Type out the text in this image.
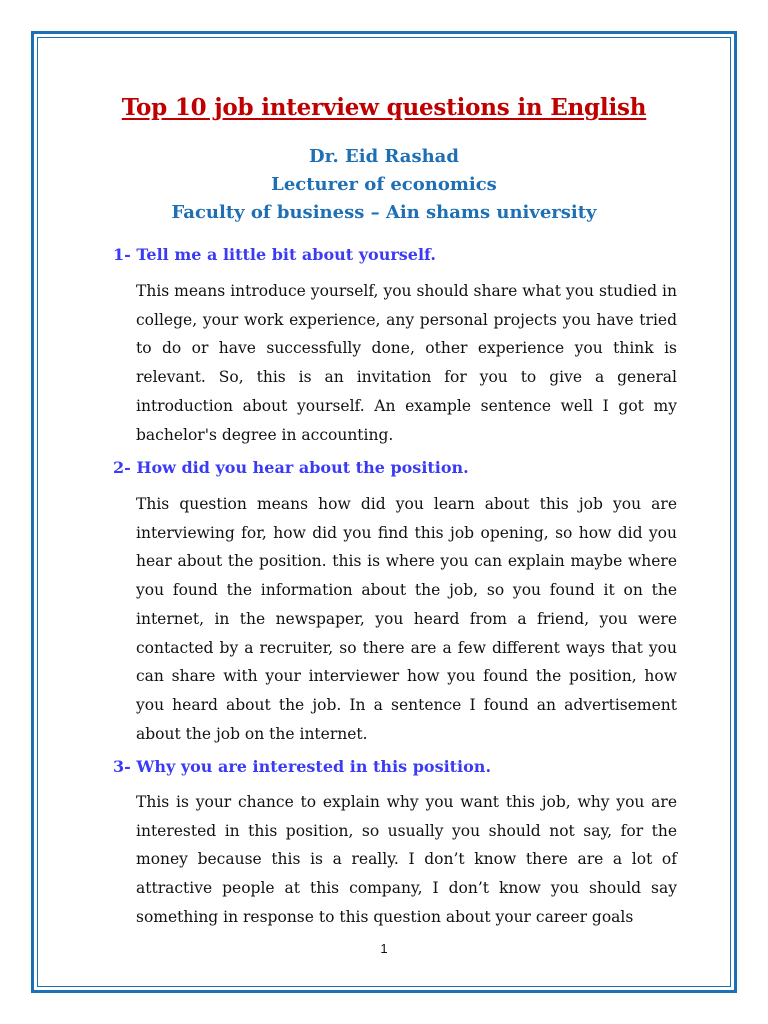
Top 10 job interview questions in English
Dr. Eid Rashad
Lecturer of economics
Faculty of business – Ain shams university
1- Tell me a little bit about yourself.
This means introduce yourself, you should share what you studied in college, your work experience, any personal projects you have tried to do or have successfully done, other experience you think is relevant. So, this is an invitation for you to give a general introduction about yourself. An example sentence well I got my bachelor's degree in accounting.
2- How did you hear about the position.
This question means how did you learn about this job you are interviewing for, how did you find this job opening, so how did you hear about the position. this is where you can explain maybe where you found the information about the job, so you found it on the internet, in the newspaper, you heard from a friend, you were contacted by a recruiter, so there are a few different ways that you can share with your interviewer how you found the position, how you heard about the job. In a sentence I found an advertisement about the job on the internet.
3- Why you are interested in this position.
This is your chance to explain why you want this job, why you are interested in this position, so usually you should not say, for the money because this is a really. I don’t know there are a lot of attractive people at this company, I don’t know you should say something in response to this question about your career goals
1
